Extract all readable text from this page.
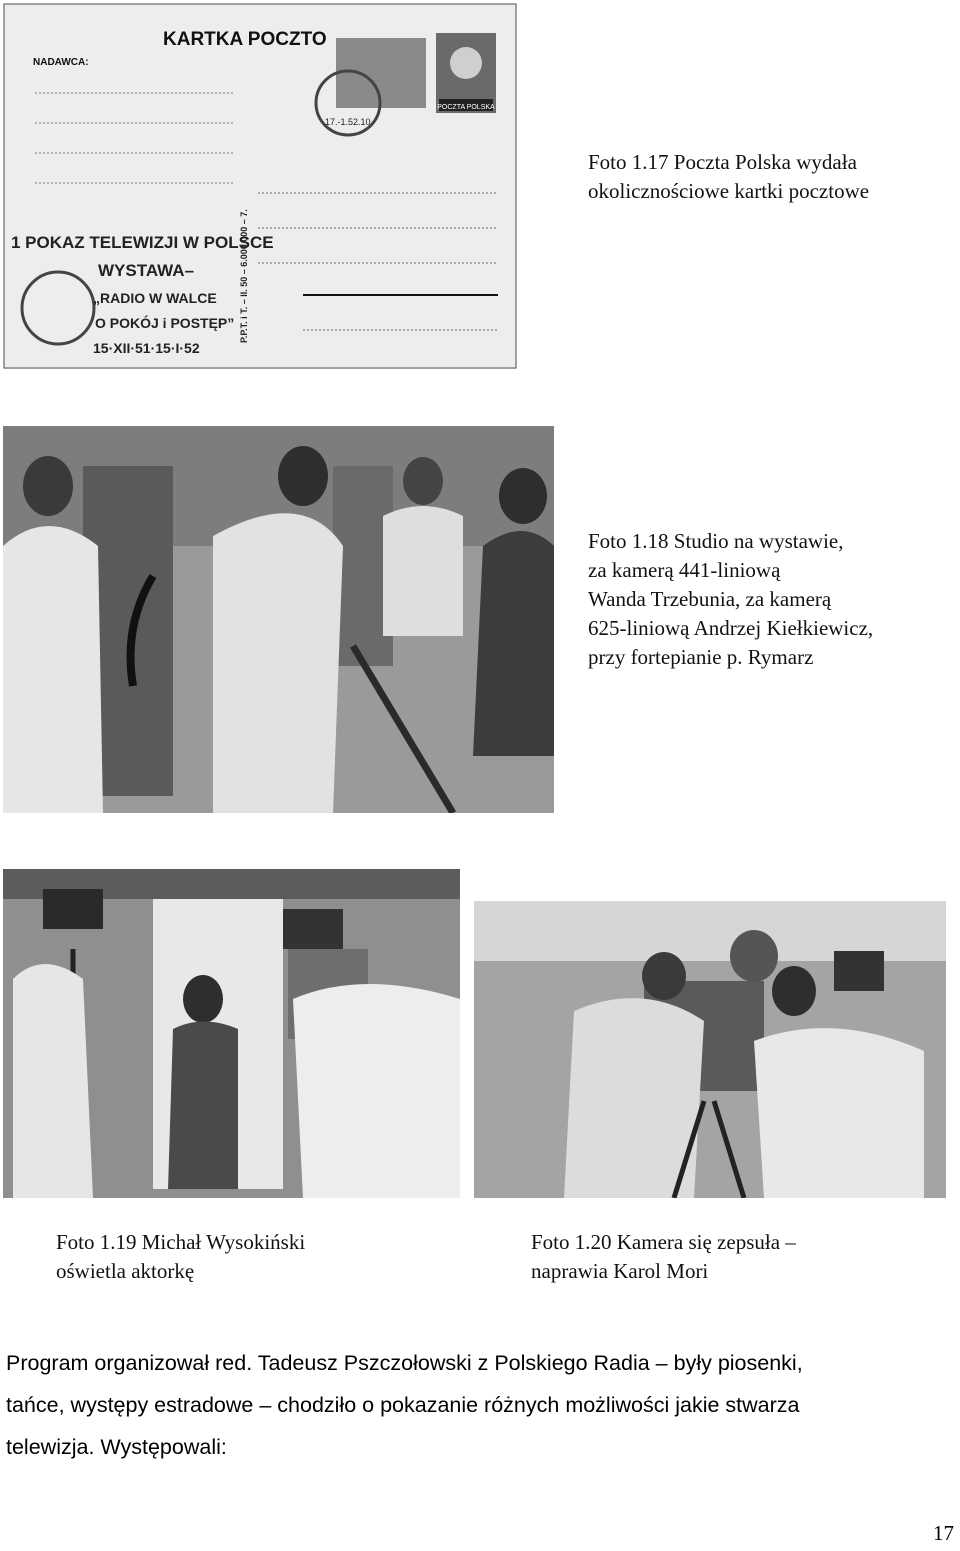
KARTKA POCZTO
NADAWCA:
POCZTA POLSKA
17.-1.52.10
1 POKAZ TELEWIZJI W POLSCE
WYSTAWA–
„RADIO W WALCE
O POKÓJ i POSTĘP”
15·XII·51·15·I·52
P.P.T. i T. – II. 50 – 6.000.000 – 7.
Foto 1.17 Poczta Polska wydała
okolicznościowe kartki pocztowe
Foto 1.18 Studio na wystawie,
za kamerą 441-liniową
Wanda Trzebunia, za kamerą
625-liniową Andrzej Kiełkiewicz,
przy fortepianie p. Rymarz
Foto 1.19 Michał Wysokiński
oświetla aktorkę
Foto 1.20 Kamera się zepsuła –
naprawia Karol Mori
Program organizował red. Tadeusz Pszczołowski z Polskiego Radia – były piosenki,
tańce, występy estradowe – chodziło o pokazanie różnych możliwości jakie stwarza
telewizja. Występowali:
17
